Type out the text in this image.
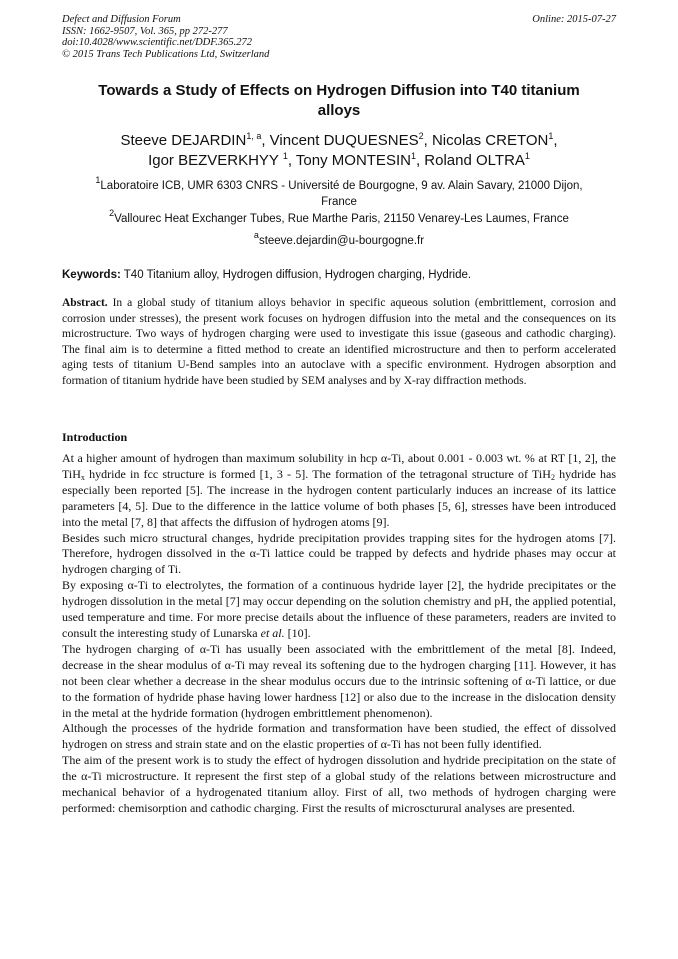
Defect and Diffusion Forum
ISSN: 1662-9507, Vol. 365, pp 272-277
doi:10.4028/www.scientific.net/DDF.365.272
© 2015 Trans Tech Publications Ltd, Switzerland
Online: 2015-07-27
Towards a Study of Effects on Hydrogen Diffusion into T40 titanium
alloys
Steeve DEJARDIN$^{1, a}$, Vincent DUQUESNES$^2$, Nicolas CRETON$^1$,
Igor BEZVERKHYY $^1$, Tony MONTESIN$^1$, Roland OLTRA$^1$
$^1$Laboratoire ICB, UMR 6303 CNRS - Université de Bourgogne, 9 av. Alain Savary, 21000 Dijon,
France
$^2$Vallourec Heat Exchanger Tubes, Rue Marthe Paris, 21150 Venarey-Les Laumes, France
$^a$steeve.dejardin@u-bourgogne.fr
Keywords: T40 Titanium alloy, Hydrogen diffusion, Hydrogen charging, Hydride.
Abstract. In a global study of titanium alloys behavior in specific aqueous solution (embrittlement, corrosion and corrosion under stresses), the present work focuses on hydrogen diffusion into the metal and the consequences on its microstructure. Two ways of hydrogen charging were used to investigate this issue (gaseous and cathodic charging). The final aim is to determine a fitted method to create an identified microstructure and then to perform accelerated aging tests of titanium U-Bend samples into an autoclave with a specific environment. Hydrogen absorption and formation of titanium hydride have been studied by SEM analyses and by X-ray diffraction methods.
Introduction

At a higher amount of hydrogen than maximum solubility in hcp α-Ti, about 0.001 - 0.003 wt. % at RT [1, 2], the TiH$_x$ hydride in fcc structure is formed [1, 3 - 5]. The formation of the tetragonal structure of TiH$_2$ hydride has especially been reported [5]. The increase in the hydrogen content particularly induces an increase of its lattice parameters [4, 5]. Due to the difference in the lattice volume of both phases [5, 6], stresses have been introduced into the metal [7, 8] that affects the diffusion of hydrogen atoms [9].

Besides such micro structural changes, hydride precipitation provides trapping sites for the hydrogen atoms [7]. Therefore, hydrogen dissolved in the α-Ti lattice could be trapped by defects and hydride phases may occur at hydrogen charging of Ti.

By exposing α-Ti to electrolytes, the formation of a continuous hydride layer [2], the hydride precipitates or the hydrogen dissolution in the metal [7] may occur depending on the solution chemistry and pH, the applied potential, used temperature and time. For more precise details about the influence of these parameters, readers are invited to consult the interesting study of Lunarska et al. [10].

The hydrogen charging of α-Ti has usually been associated with the embrittlement of the metal [8]. Indeed, decrease in the shear modulus of α-Ti may reveal its softening due to the hydrogen charging [11]. However, it has not been clear whether a decrease in the shear modulus occurs due to the intrinsic softening of α-Ti lattice, or due to the formation of hydride phase having lower hardness [12] or also due to the increase in the dislocation density in the metal at the hydride formation (hydrogen embrittlement phenomenon).

Although the processes of the hydride formation and transformation have been studied, the effect of dissolved hydrogen on stress and strain state and on the elastic properties of α-Ti has not been fully identified.

The aim of the present work is to study the effect of hydrogen dissolution and hydride precipitation on the state of the α-Ti microstructure. It represent the first step of a global study of the relations between microstructure and mechanical behavior of a hydrogenated titanium alloy. First of all, two methods of hydrogen charging were performed: chemisorption and cathodic charging. First the results of microscturural analyses are presented.
